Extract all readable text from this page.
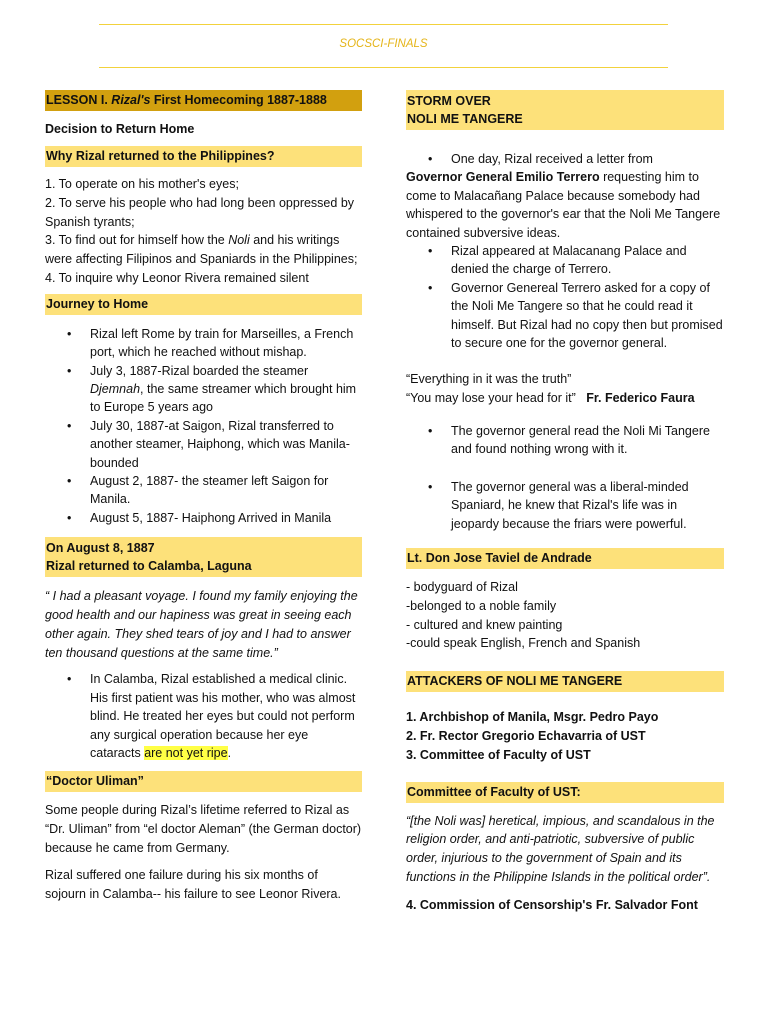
SOCSCI-FINALS
LESSON I. Rizal's First Homecoming 1887-1888
Decision to Return Home
Why Rizal returned to the Philippines?

1. To operate on his mother's eyes;

2. To serve his people who had long been oppressed by Spanish tyrants;

3. To find out for himself how the Noli and his writings were affecting Filipinos and Spaniards in the Philippines;

4. To inquire why Leonor Rivera remained silent

Journey to Home
• Rizal left Rome by train for Marseilles, a French port, which he reached without mishap.
• July 3, 1887-Rizal boarded the steamer Djemnah, the same streamer which brought him to Europe 5 years ago
• July 30, 1887-at Saigon, Rizal transferred to another steamer, Haiphong, which was Manila-bounded
• August 2, 1887- the steamer left Saigon for Manila.
• August 5, 1887- Haiphong Arrived in Manila
On August 8, 1887
Rizal returned to Calamba, Laguna

“ I had a pleasant voyage. I found my family enjoying the good health and our hapiness was great in seeing each other again. They shed tears of joy and I had to answer ten thousand questions at the same time.”

• In Calamba, Rizal established a medical clinic. His first patient was his mother, who was almost blind. He treated her eyes but could not perform any surgical operation because her eye cataracts are not yet ripe.
“Doctor Uliman”

Some people during Rizal’s lifetime referred to Rizal as “Dr. Uliman” from “el doctor Aleman” (the German doctor) because he came from Germany.

Rizal suffered one failure during his six months of sojourn in Calamba-- his failure to see Leonor Rivera.

STORM OVER
NOLI ME TANGERE
•	One day, Rizal received a letter from
Governor General Emilio Terrero requesting him to come to Malacañang Palace because somebody had whispered to the governor's ear that the Noli Me Tangere contained subversive ideas.
• Rizal appeared at Malacanang Palace and denied the charge of Terrero.
• Governor Genereal Terrero asked for a copy of the Noli Me Tangere so that he could read it himself. But Rizal had no copy then but promised to secure one for the governor general.

“Everything in it was the truth”

“You may lose your head for it” Fr. Federico Faura

• The governor general read the Noli Mi Tangere and found nothing wrong with it.
• The governor general was a liberal-minded Spaniard, he knew that Rizal's life was in jeopardy because the friars were powerful.
Lt. Don Jose Taviel de Andrade

- bodyguard of Rizal

-belonged to a noble family

- cultured and knew painting

-could speak English, French and Spanish

ATTACKERS OF NOLI ME TANGERE

1. Archbishop of Manila, Msgr. Pedro Payo

2. Fr. Rector Gregorio Echavarria of UST

3. Committee of Faculty of UST

Committee of Faculty of UST:

“[the Noli was] heretical, impious, and scandalous in the religion order, and anti-patriotic, subversive of public order, injurious to the government of Spain and its functions in the Philippine Islands in the political order”.

4. Commission of Censorship's Fr. Salvador Font
